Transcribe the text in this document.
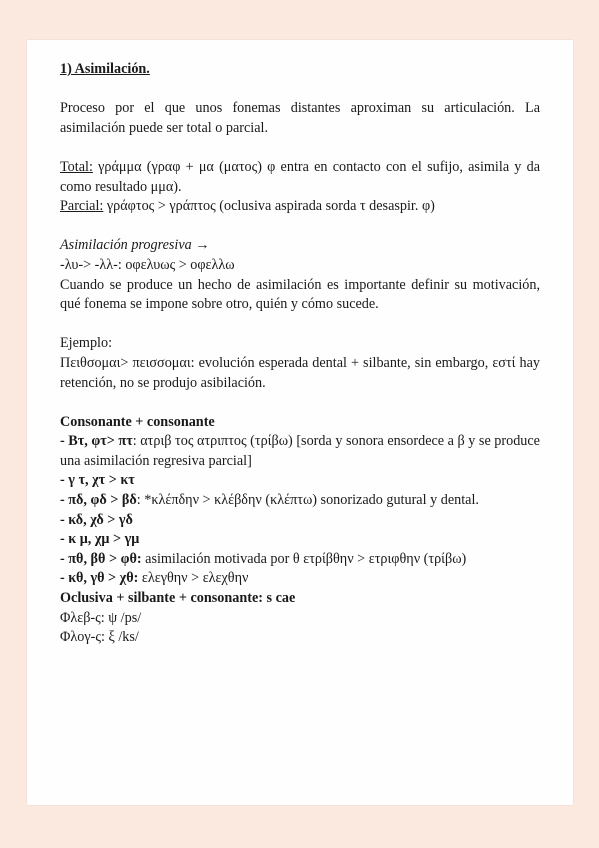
1) Asimilación.

Proceso por el que unos fonemas distantes aproximan su articulación. La asimilación puede ser total o parcial.

Total: γράμμα (γραφ + μα (ματος) φ entra en contacto con el sufijo, asimila y da como resultado μμα).

Parcial: γράφτος > γράπτος (oclusiva aspirada sorda τ desaspir. φ)

Asimilación progresiva →

-λυ-> -λλ-: οφελυως > οφελλω

Cuando se produce un hecho de asimilación es importante definir su motivación, qué fonema se impone sobre otro, quién y cómo sucede.

Ejemplo:

Πειθσομαι> πεισσομαι: evolución esperada dental + silbante, sin embargo, εστί hay retención, no se produjo asibilación.

Consonante + consonante

- Bτ, φτ> πτ: ατριβ τος ατριπτος (τρίβω) [sorda y sonora ensordece a β y se produce una asimilación regresiva parcial]

- γ τ, χτ > κτ

- πδ, φδ > βδ: *κλέπδην > κλέβδην (κλέπτω) sonorizado gutural y dental.

- κδ, χδ > γδ

- κ μ, χμ > γμ

- πθ, βθ > φθ: asimilación motivada por θ ετρίβθην > ετριφθην (τρίβω)

- κθ, γθ > χθ: ελεγθην > ελεχθην

Oclusiva + silbante + consonante: s cae

Φλεβ-ς: ψ /ps/

Φλογ-ς: ξ /ks/
